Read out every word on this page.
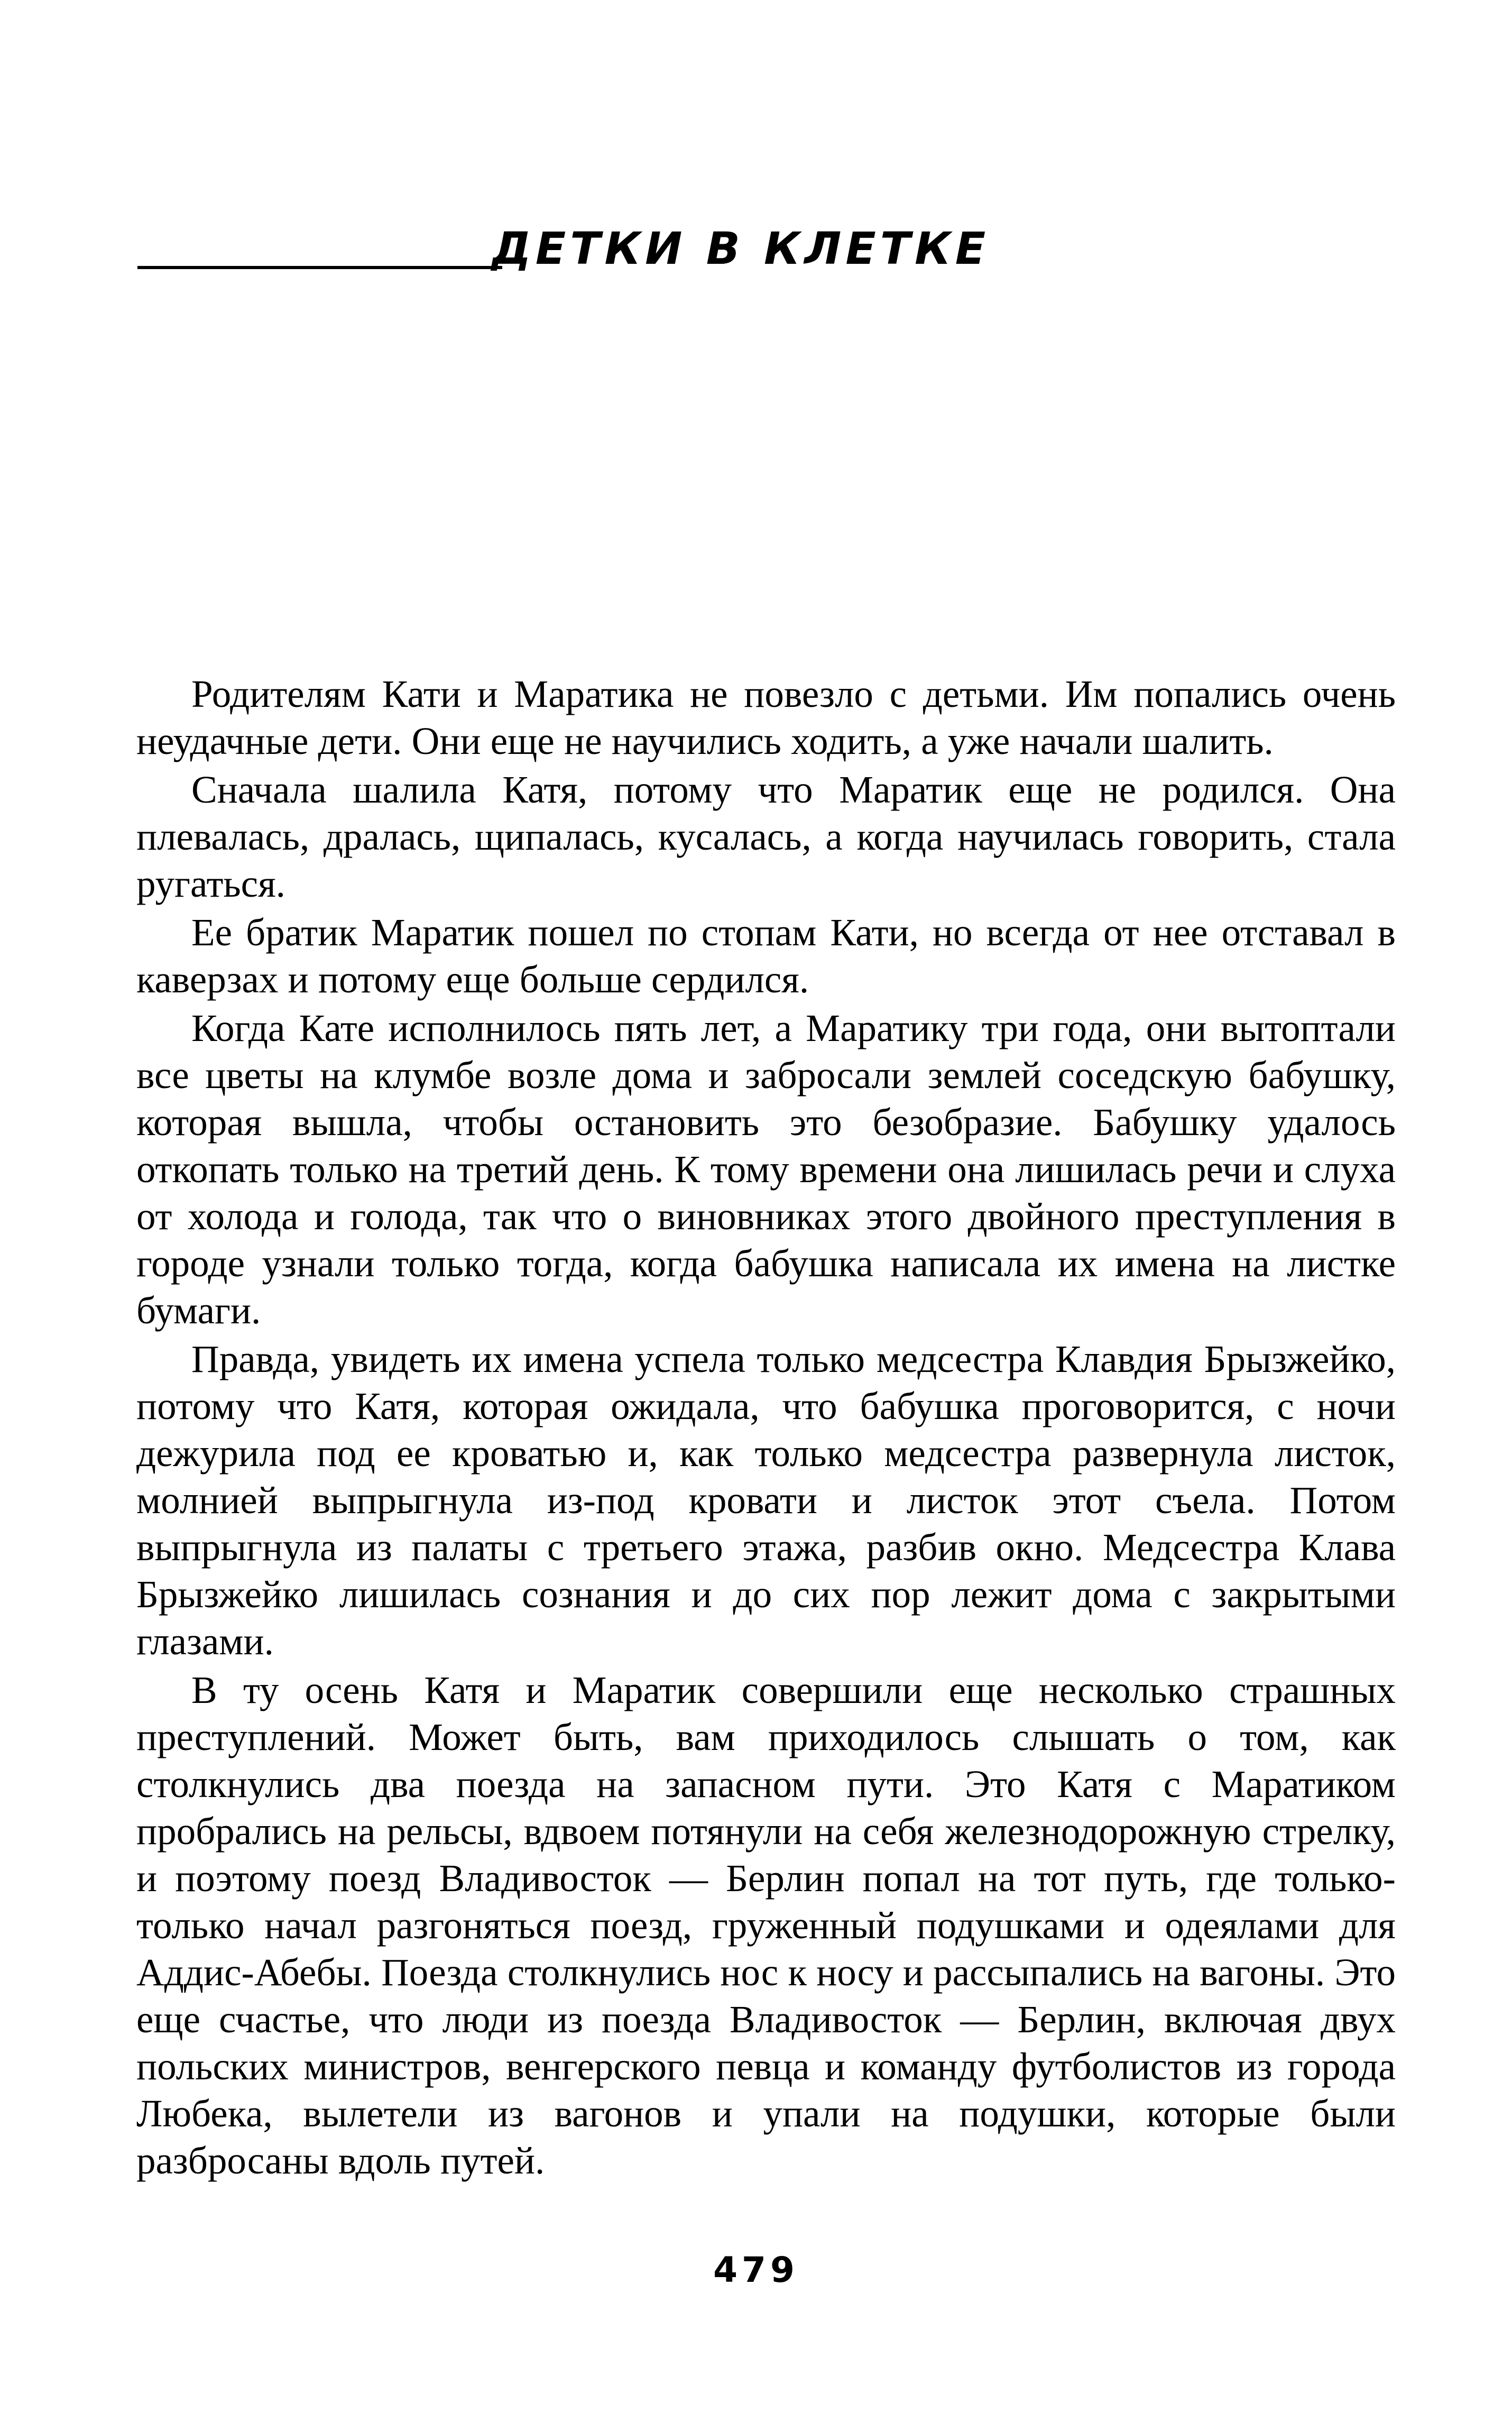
ДЕТКИ В КЛЕТКЕ

Родителям Кати и Маратика не повезло с детьми. Им попались очень неудачные дети. Они еще не научились ходить, а уже начали шалить.

Сначала шалила Катя, потому что Маратик еще не родился. Она плевалась, дралась, щипалась, кусалась, а когда научилась говорить, стала ругаться.

Ее братик Маратик пошел по стопам Кати, но всегда от нее отставал в каверзах и потому еще больше сердился.

Когда Кате исполнилось пять лет, а Маратику три года, они вытоптали все цветы на клумбе возле дома и забросали землей соседскую бабушку, которая вышла, чтобы остановить это безобразие. Бабушку удалось откопать только на третий день. К тому времени она лишилась речи и слуха от холода и голода, так что о виновниках этого двойного преступления в городе узнали только тогда, когда бабушка написала их имена на листке бумаги.

Правда, увидеть их имена успела только медсестра Клавдия Брызжейко, потому что Катя, которая ожидала, что бабушка проговорится, с ночи дежурила под ее кроватью и, как только медсестра развернула листок, молнией выпрыгнула из-под кровати и листок этот съела. Потом выпрыгнула из палаты с третьего этажа, разбив окно. Медсестра Клава Брызжейко лишилась сознания и до сих пор лежит дома с закрытыми глазами.

В ту осень Катя и Маратик совершили еще несколько страшных преступлений. Может быть, вам приходилось слышать о том, как столкнулись два поезда на запасном пути. Это Катя с Маратиком пробрались на рельсы, вдвоем потянули на себя железнодорожную стрелку, и поэтому поезд Владивосток — Берлин попал на тот путь, где только-только начал разгоняться поезд, груженный подушками и одеялами для Аддис-Абебы. Поезда столкнулись нос к носу и рассыпались на вагоны. Это еще счастье, что люди из поезда Владивосток — Берлин, включая двух польских министров, венгерского певца и команду футболистов из города Любека, вылетели из вагонов и упали на подушки, которые были разбросаны вдоль путей.

479
